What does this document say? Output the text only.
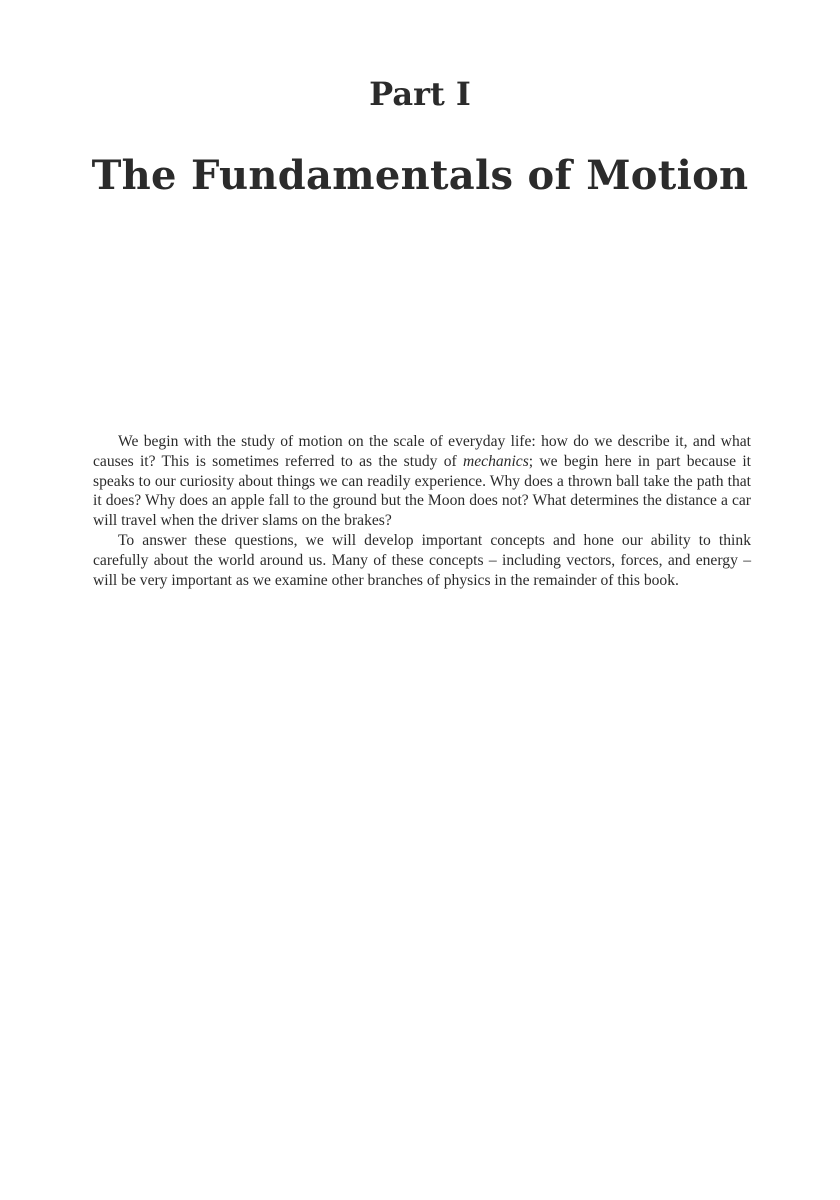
Part I
The Fundamentals of Motion

We begin with the study of motion on the scale of everyday life: how do we describe it, and what causes it? This is sometimes referred to as the study of mechanics; we begin here in part because it speaks to our curiosity about things we can readily experience. Why does a thrown ball take the path that it does? Why does an apple fall to the ground but the Moon does not? What determines the distance a car will travel when the driver slams on the brakes?

To answer these questions, we will develop important concepts and hone our ability to think carefully about the world around us. Many of these concepts – including vectors, forces, and energy – will be very important as we examine other branches of physics in the remainder of this book.
